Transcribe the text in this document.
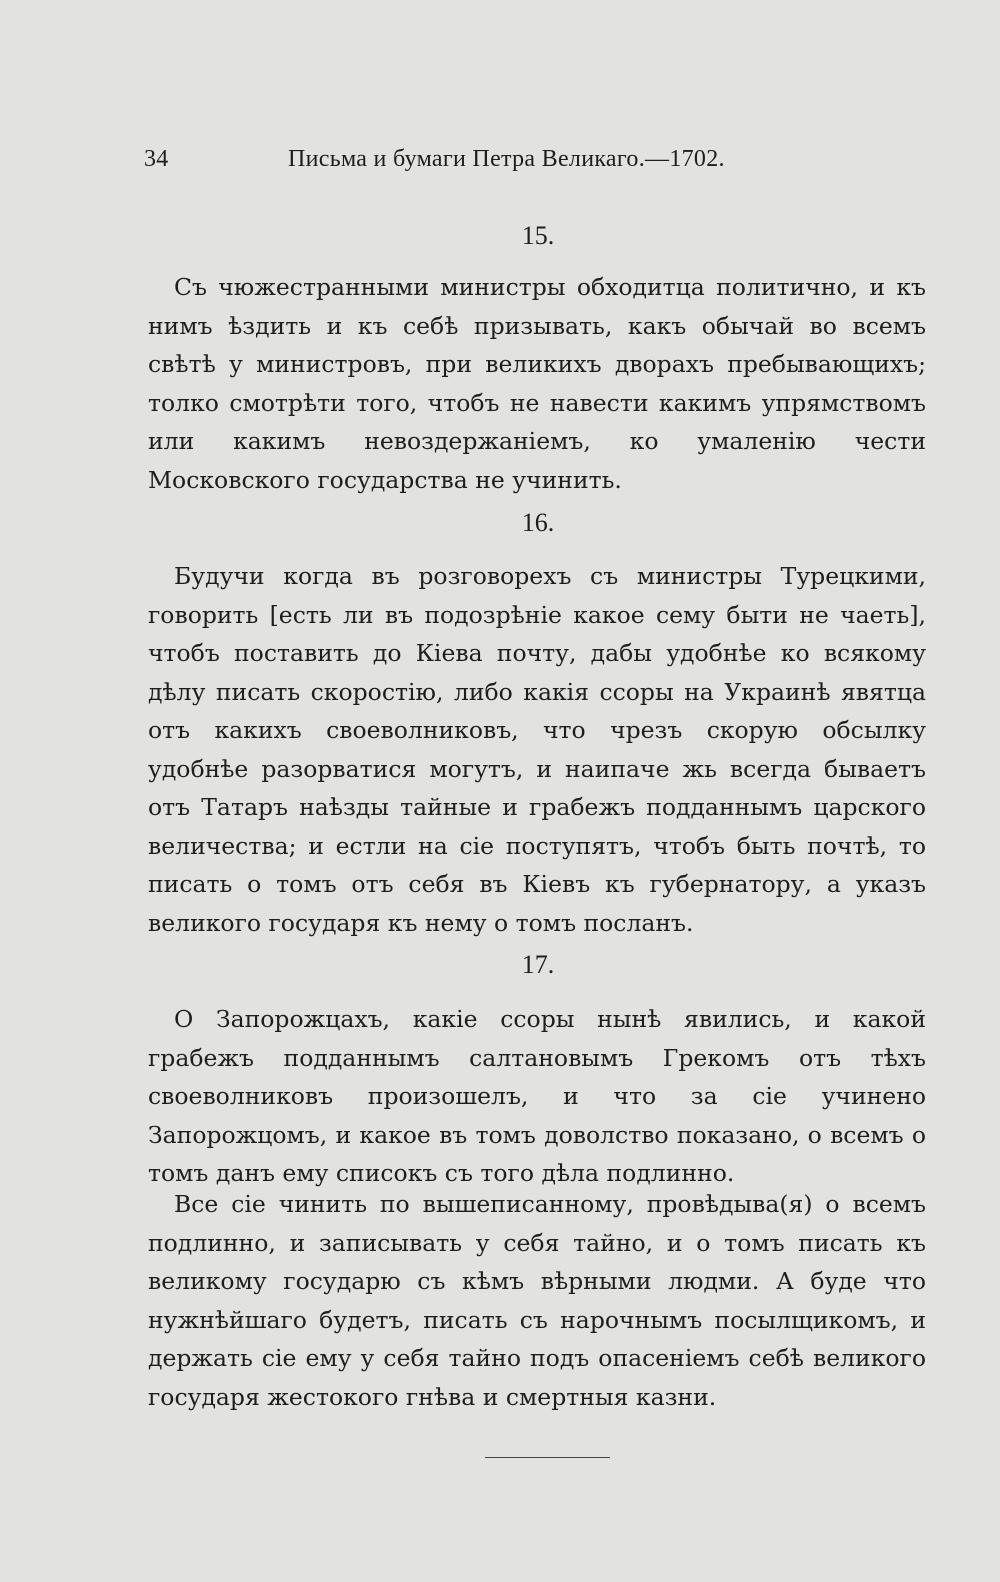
34	Письма и бумаги Петра Великаго.—1702.
15.

Съ чюжестранными министры обходитца политично, и къ нимъ ѣздить и къ себѣ призывать, какъ обычай во всемъ свѣтѣ у министровъ, при великихъ дворахъ пребывающихъ; толко смотрѣти того, чтобъ не навести какимъ упрямствомъ или какимъ невоздержаніемъ, ко умаленію чести Московского государства не учинить.

16.

Будучи когда въ розговорехъ съ министры Турецкими, говорить [есть ли въ подозрѣніе какое сему быти не чаеть], чтобъ поставить до Кіева почту, дабы удобнѣе ко всякому дѣлу писать скоростію, либо какія ссоры на Украинѣ явятца отъ какихъ своеволниковъ, что чрезъ скорую обсылку удобнѣе разорватися могутъ, и наипаче жь всегда бываетъ отъ Татаръ наѣзды тайные и грабежъ подданнымъ царского величества; и естли на сіе поступятъ, чтобъ быть почтѣ, то писать о томъ отъ себя въ Кіевъ къ губернатору, а указъ великого государя къ нему о томъ посланъ.

17.

О Запорожцахъ, какіе ссоры нынѣ явились, и какой грабежъ подданнымъ салтановымъ Грекомъ отъ тѣхъ своеволниковъ произошелъ, и что за сіе учинено Запорожцомъ, и какое въ томъ доволство показано, о всемъ о томъ данъ ему списокъ съ того дѣла подлинно.

Все сіе чинить по вышеписанному, провѣдыва(я) о всемъ подлинно, и записывать у себя тайно, и о томъ писать къ великому государю съ кѣмъ вѣрными людми. А буде что нужнѣйшаго будетъ, писать съ нарочнымъ посылщикомъ, и держать сіе ему у себя тайно подъ опасеніемъ себѣ великого государя жестокого гнѣва и смертныя казни.
